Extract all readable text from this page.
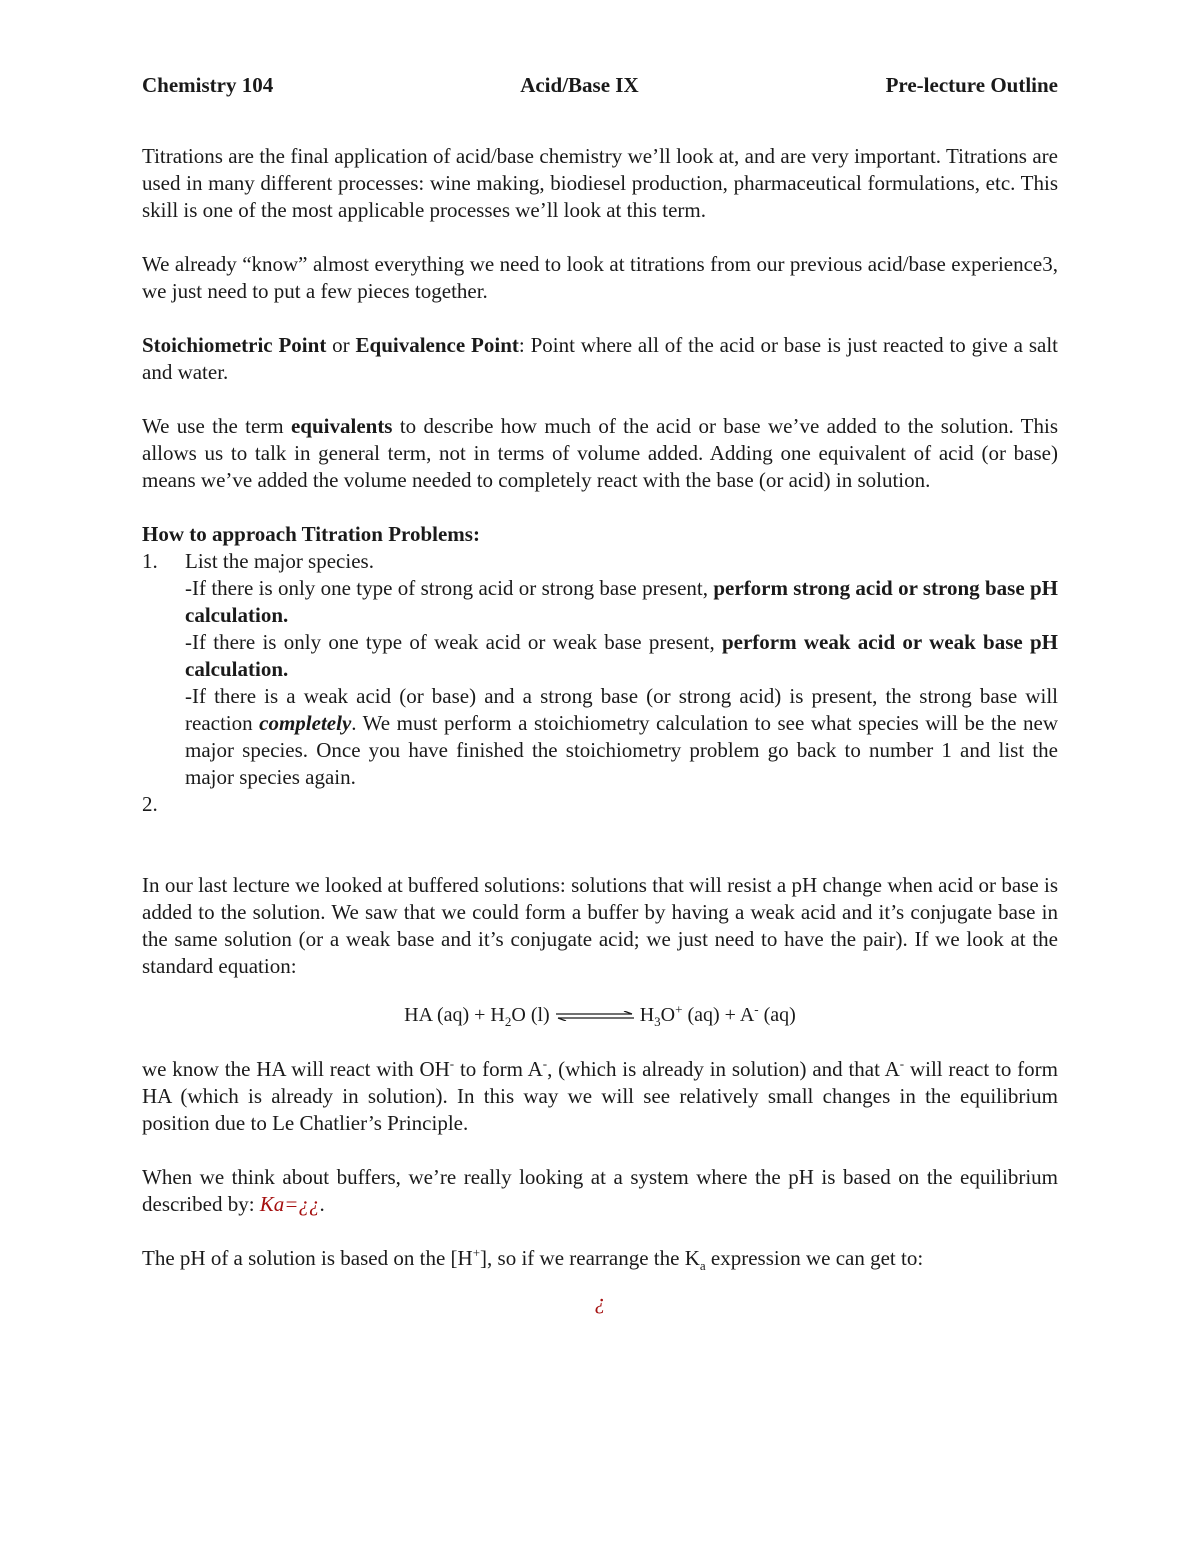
Chemistry 104	Acid/Base IX	Pre-lecture Outline

Titrations are the final application of acid/base chemistry we’ll look at, and are very important. Titrations are used in many different processes: wine making, biodiesel production, pharmaceutical formulations, etc. This skill is one of the most applicable processes we’ll look at this term.

We already “know” almost everything we need to look at titrations from our previous acid/base experience3, we just need to put a few pieces together.

Stoichiometric Point or Equivalence Point: Point where all of the acid or base is just reacted to give a salt and water.

We use the term equivalents to describe how much of the acid or base we’ve added to the solution. This allows us to talk in general term, not in terms of volume added. Adding one equivalent of acid (or base) means we’ve added the volume needed to completely react with the base (or acid) in solution.

How to approach Titration Problems:
1.	List the major species.
-If there is only one type of strong acid or strong base present, perform strong acid or strong base pH calculation.
-If there is only one type of weak acid or weak base present, perform weak acid or weak base pH calculation.
-If there is a weak acid (or base) and a strong base (or strong acid) is present, the strong base will reaction completely. We must perform a stoichiometry calculation to see what species will be the new major species. Once you have finished the stoichiometry problem go back to number 1 and list the major species again.
2.

In our last lecture we looked at buffered solutions: solutions that will resist a pH change when acid or base is added to the solution. We saw that we could form a buffer by having a weak acid and it’s conjugate base in the same solution (or a weak base and it’s conjugate acid; we just need to have the pair). If we look at the standard equation:

HA $(aq) + H_2O$ (l)	$H_3O^+$ (aq) + A- (aq)

we know the HA will react with OH- to form A-, (which is already in solution) and that A- will react to form HA (which is already in solution). In this way we will see relatively small changes in the equilibrium position due to Le Chatlier’s Principle.

When we think about buffers, we’re really looking at a system where the pH is based on the equilibrium described by: Ka=¿¿.

The pH of a solution is based on the [H+], so if we rearrange the $K_a$ expression we can get to:

¿
